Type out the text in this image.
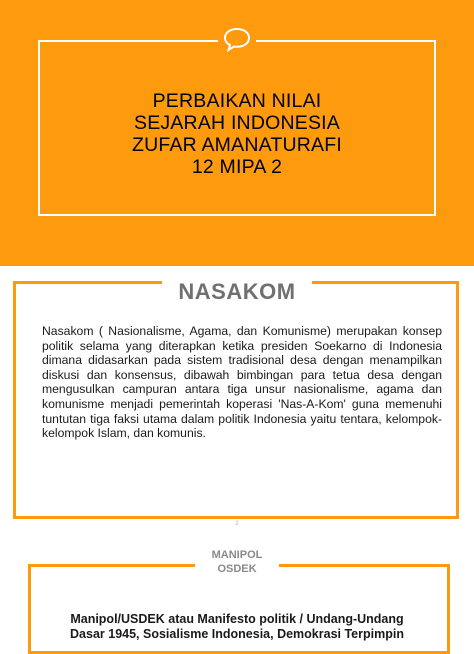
PERBAIKAN NILAI
SEJARAH INDONESIA
ZUFAR AMANATURAFI
12 MIPA 2
NASAKOM
Nasakom ( Nasionalisme, Agama, dan Komunisme) merupakan konsep politik selama yang diterapkan ketika presiden Soekarno di Indonesia dimana didasarkan pada sistem tradisional desa dengan menampilkan diskusi dan konsensus, dibawah bimbingan para tetua desa dengan mengusulkan campuran antara tiga unsur nasionalisme, agama dan komunisme menjadi pemerintah koperasi 'Nas-A-Kom' guna memenuhi tuntutan tiga faksi utama dalam politik Indonesia yaitu tentara, kelompok-kelompok Islam, dan komunis.
2
MANIPOL
OSDEK
Manipol/USDEK atau Manifesto politik / Undang-Undang
Dasar 1945, Sosialisme Indonesia, Demokrasi Terpimpin
